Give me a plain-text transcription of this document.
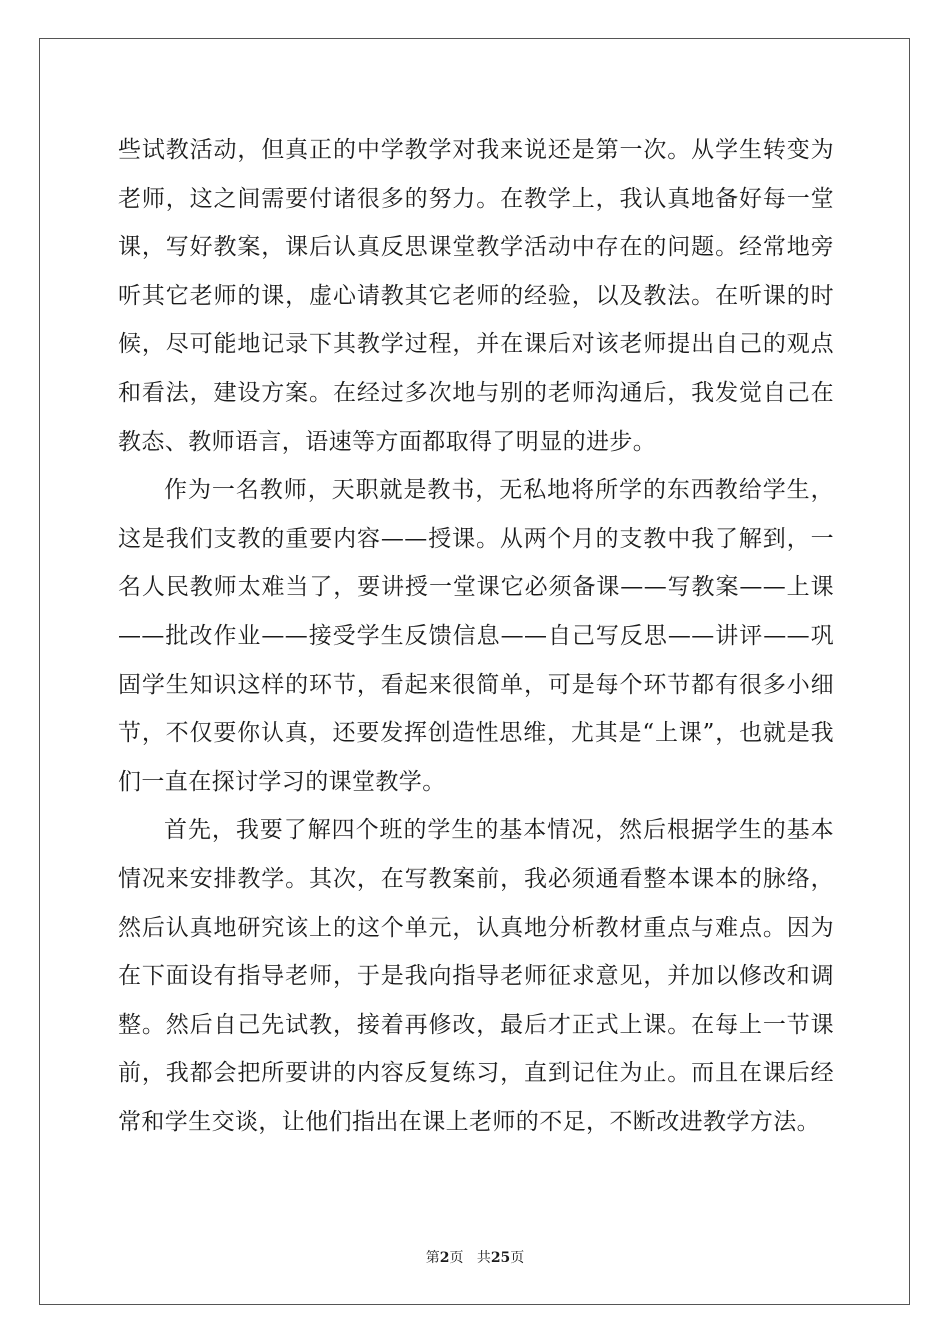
些试教活动，但真正的中学教学对我来说还是第一次。从学生转变为老师，这之间需要付诸很多的努力。在教学上，我认真地备好每一堂课，写好教案，课后认真反思课堂教学活动中存在的问题。经常地旁听其它老师的课，虚心请教其它老师的经验，以及教法。在听课的时候，尽可能地记录下其教学过程，并在课后对该老师提出自己的观点和看法，建设方案。在经过多次地与别的老师沟通后，我发觉自己在教态、教师语言，语速等方面都取得了明显的进步。

作为一名教师，天职就是教书，无私地将所学的东西教给学生，这是我们支教的重要内容——授课。从两个月的支教中我了解到，一名人民教师太难当了，要讲授一堂课它必须备课——写教案——上课——批改作业——接受学生反馈信息——自己写反思——讲评——巩固学生知识这样的环节，看起来很简单，可是每个环节都有很多小细节，不仅要你认真，还要发挥创造性思维，尤其是“上课”，也就是我们一直在探讨学习的课堂教学。

首先，我要了解四个班的学生的基本情况，然后根据学生的基本情况来安排教学。其次，在写教案前，我必须通看整本课本的脉络，然后认真地研究该上的这个单元，认真地分析教材重点与难点。因为在下面设有指导老师，于是我向指导老师征求意见，并加以修改和调整。然后自己先试教，接着再修改，最后才正式上课。在每上一节课前，我都会把所要讲的内容反复练习，直到记住为止。而且在课后经常和学生交谈，让他们指出在课上老师的不足，不断改进教学方法。

第2页 共25页
